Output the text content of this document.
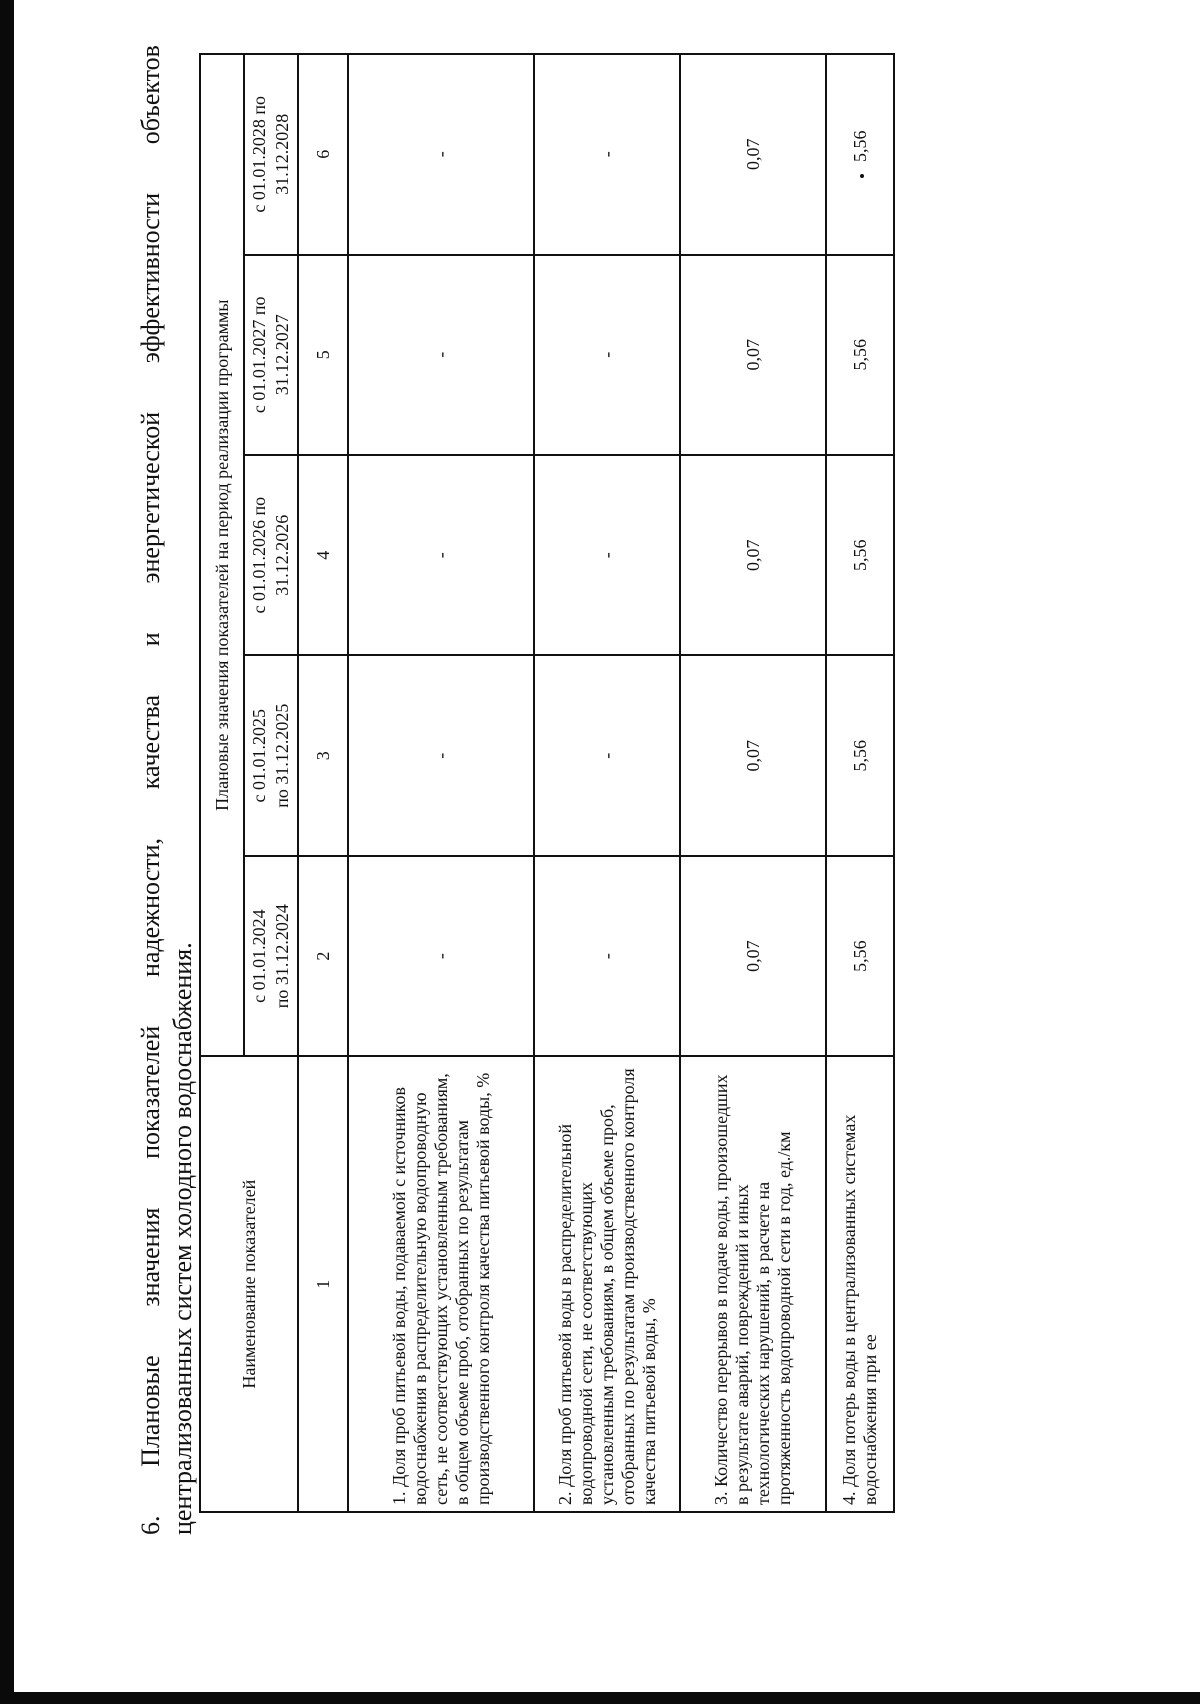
6.
Плановые
значения
показателей
надежности,
качества
и
энергетической
эффективности
объектов
централизованных систем холодного водоснабжения. Наименование показателей	Плановые значения показателей на период реализации программы				
	с 01.01.2024 по 31.12.2024	с 01.01.2025 по 31.12.2025	с 01.01.2026 по 31.12.2026	с 01.01.2027 по 31.12.2027	с 01.01.2028 по 31.12.2028
1	2	3	4	5	6
1. Доля проб питьевой воды, подаваемой с источников водоснабжения в распределительную водопроводную сеть, не соответствующих установленным требованиям, в общем объеме проб, отобранных по результатам производственного контроля качества питьевой воды, %	-	-	-	-	-
2. Доля проб питьевой воды в распределительной водопроводной сети, не соответствующих установленным требованиям, в общем объеме проб, отобранных по результатам производственного контроля качества питьевой воды, %	-	-	-	-	-
3. Количество перерывов в подаче воды, произошедших в результате аварий, повреждений и иных технологических нарушений, в расчете на протяженность водопроводной сети в год, ед./км	0,07	0,07	0,07	0,07	0,07
4. Доля потерь воды в централизованных системах водоснабжения при ее	5,56	5,56	5,56	5,56	5,56
